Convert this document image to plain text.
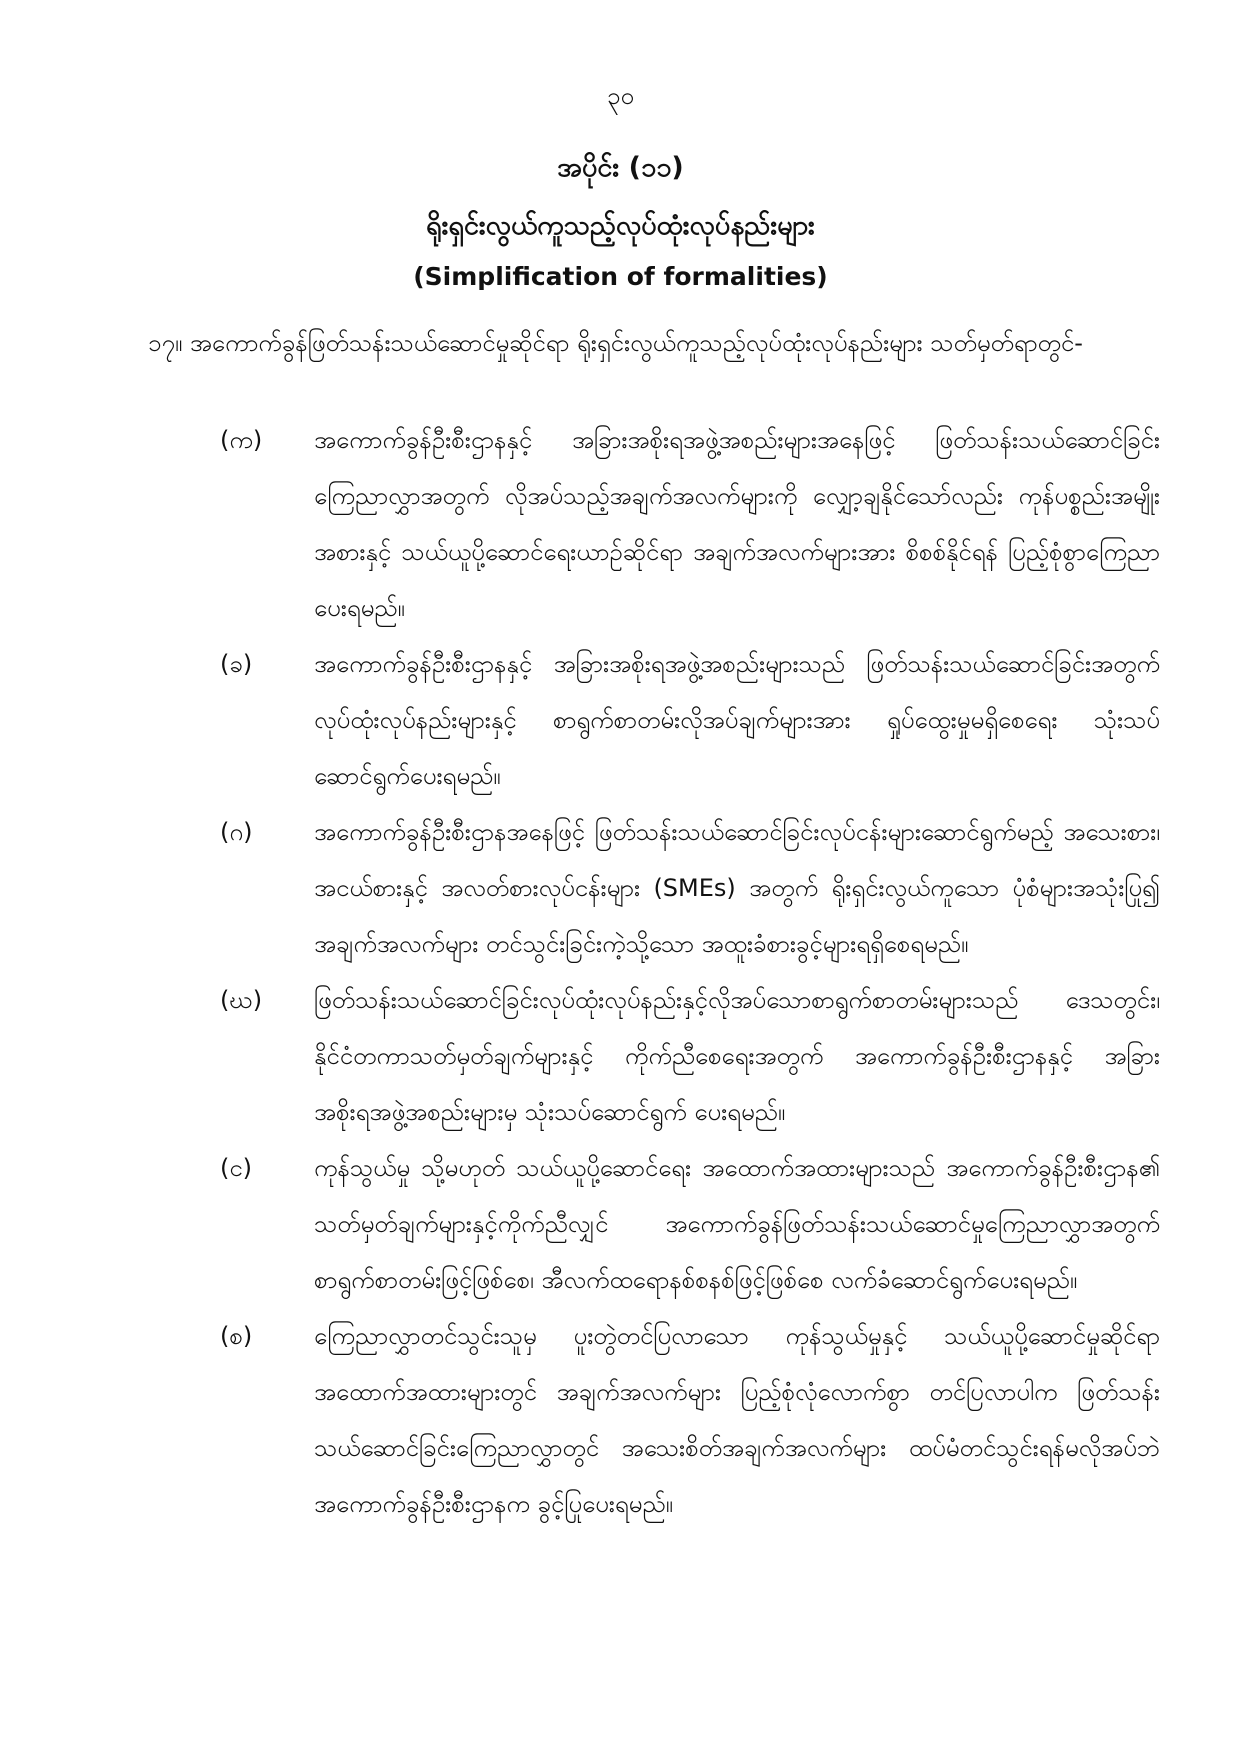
၃၀
အပိုင်း (၁၁)
ရိုးရှင်းလွယ်ကူသည့်လုပ်ထုံးလုပ်နည်းများ
(Simplification of formalities)
၁၇။ အကောက်ခွန်ဖြတ်သန်းသယ်ဆောင်မှုဆိုင်ရာ ရိုးရှင်းလွယ်ကူသည့်လုပ်ထုံးလုပ်နည်းများ သတ်မှတ်ရာတွင်-
(က)	အကောက်ခွန်ဦးစီးဌာနနှင့် အခြားအစိုးရအဖွဲ့အစည်းများအနေဖြင့် ဖြတ်သန်းသယ်ဆောင်ခြင်းကြေညာလွှာအတွက် လိုအပ်သည့်အချက်အလက်များကို လျှော့ချနိုင်သော်လည်း ကုန်ပစ္စည်းအမျိုးအစားနှင့် သယ်ယူပို့ဆောင်ရေးယာဉ်ဆိုင်ရာ အချက်အလက်များအား စိစစ်နိုင်ရန် ပြည့်စုံစွာကြေညာပေးရမည်။
(ခ)	အကောက်ခွန်ဦးစီးဌာနနှင့် အခြားအစိုးရအဖွဲ့အစည်းများသည် ဖြတ်သန်းသယ်ဆောင်ခြင်းအတွက် လုပ်ထုံးလုပ်နည်းများနှင့် စာရွက်စာတမ်းလိုအပ်ချက်များအား ရှုပ်ထွေးမှုမရှိစေရေး သုံးသပ်ဆောင်ရွက်ပေးရမည်။
(ဂ)	အကောက်ခွန်ဦးစီးဌာနအနေဖြင့် ဖြတ်သန်းသယ်ဆောင်ခြင်းလုပ်ငန်းများဆောင်ရွက်မည့် အသေးစား၊ အငယ်စားနှင့် အလတ်စားလုပ်ငန်းများ (SMEs) အတွက် ရိုးရှင်းလွယ်ကူသော ပုံစံများအသုံးပြု၍ အချက်အလက်များ တင်သွင်းခြင်းကဲ့သို့သော အထူးခံစားခွင့်များရရှိစေရမည်။
(ဃ)	ဖြတ်သန်းသယ်ဆောင်ခြင်းလုပ်ထုံးလုပ်နည်းနှင့်လိုအပ်သောစာရွက်စာတမ်းများသည် ဒေသတွင်း၊ နိုင်ငံတကာသတ်မှတ်ချက်များနှင့် ကိုက်ညီစေရေးအတွက် အကောက်ခွန်ဦးစီးဌာနနှင့် အခြားအစိုးရအဖွဲ့အစည်းများမှ သုံးသပ်ဆောင်ရွက် ပေးရမည်။
(င)	ကုန်သွယ်မှု သို့မဟုတ် သယ်ယူပို့ဆောင်ရေး အထောက်အထားများသည် အကောက်ခွန်ဦးစီးဌာန၏ သတ်မှတ်ချက်များနှင့်ကိုက်ညီလျှင် အကောက်ခွန်ဖြတ်သန်းသယ်ဆောင်မှုကြေညာလွှာအတွက် စာရွက်စာတမ်းဖြင့်ဖြစ်စေ၊ အီလက်ထရောနစ်စနစ်ဖြင့်ဖြစ်စေ လက်ခံဆောင်ရွက်ပေးရမည်။
(စ)	ကြေညာလွှာတင်သွင်းသူမှ ပူးတွဲတင်ပြလာသော ကုန်သွယ်မှုနှင့် သယ်ယူပို့ဆောင်မှုဆိုင်ရာ အထောက်အထားများတွင် အချက်အလက်များ ပြည့်စုံလုံလောက်စွာ တင်ပြလာပါက ဖြတ်သန်းသယ်ဆောင်ခြင်းကြေညာလွှာတွင် အသေးစိတ်အချက်အလက်များ ထပ်မံတင်သွင်းရန်မလိုအပ်ဘဲ အကောက်ခွန်ဦးစီးဌာနက ခွင့်ပြုပေးရမည်။
